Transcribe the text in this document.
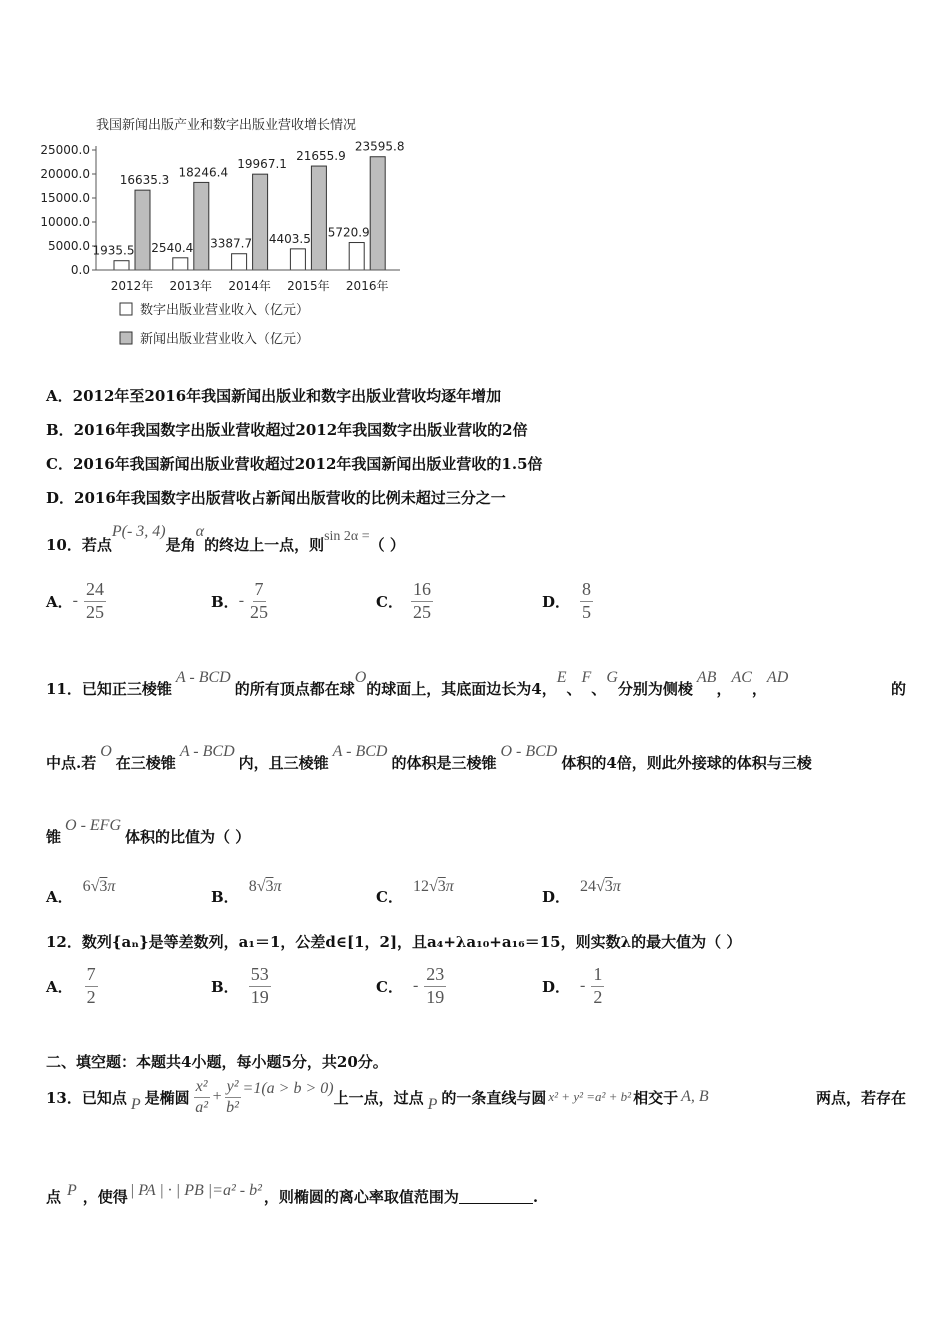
我国新闻出版产业和数字出版业营收增长情况
0.0
5000.0
10000.0
15000.0
20000.0
25000.0
1935.5
16635.3
2540.4
18246.4
3387.7
19967.1
4403.5
21655.9
5720.9
23595.8
2012年 2013年 2014年 2015年 2016年
数字出版业营业收入（亿元）
新闻出版业营业收入（亿元）
A．2012年至2016年我国新闻出版业和数字出版业营收均逐年增加
B．2016年我国数字出版业营收超过2012年我国数字出版业营收的2倍
C．2016年我国新闻出版业营收超过2012年我国新闻出版业营收的1.5倍
D．2016年我国数字出版营收占新闻出版营收的比例未超过三分之一
10．若点P(- 3, 4)是角α的终边上一点，则sin 2α =（ ）
A． - $\frac{24}{25}$	B． - $\frac{7}{25}$	C． $\frac{16}{25}$	D． $\frac{8}{5}$
11．已知正三棱锥A - BCD的所有顶点都在球O的球面上，其底面边长为4，E、F、G分别为侧棱AB，AC，AD
的
中点.若O在三棱锥A - BCD内，且三棱锥A - BCD的体积是三棱锥O - BCD体积的4倍，则此外接球的体积与三棱
锥O - EFG体积的比值为（ ）
A．
6√3π
B．
8√3π
C．
12√3π
D．
24√3π
12．数列{aₙ}是等差数列，a₁＝1，公差d∈[1，2]，且a₄+λa₁₀+a₁₆＝15，则实数λ的最大值为（ ）
A． $\frac{7}{2}$	B． $\frac{53}{19}$	C． - $\frac{23}{19}$	D． - $\frac{1}{2}$
二、填空题：本题共4小题，每小题5分，共20分。
13．已知点 P 是椭圆 $\frac{\text{x²}}{\text{a²}} + \frac{\text{y²}}{\text{b²}} =1(a > b > 0)$ 上一点，过点 P 的一条直线与圆 x² + y² =a² + b² 相交于 A, B	两点，若存在
点 P ，使得 | PA | · | PB |=a² - b² ，则椭圆的离心率取值范围为	.
